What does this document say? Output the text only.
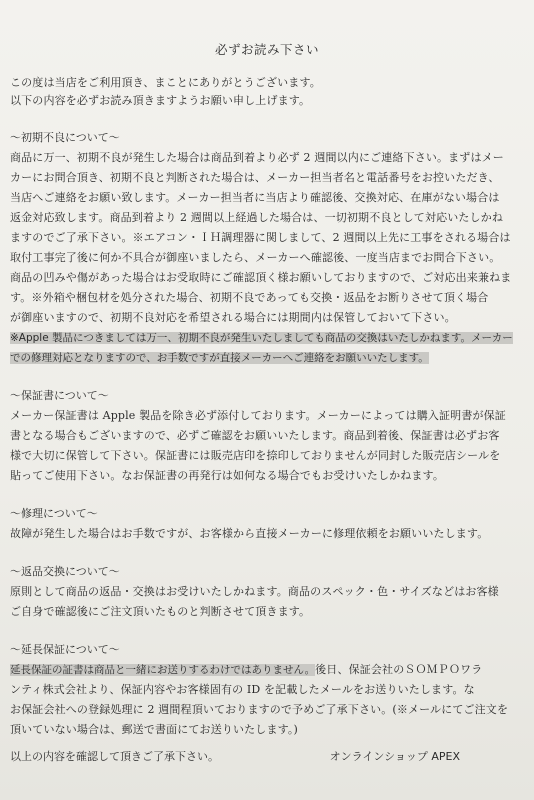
必ずお読み下さい
この度は当店をご利用頂き、まことにありがとうございます。
以下の内容を必ずお読み頂きますようお願い申し上げます。
～初期不良について～
商品に万一、初期不良が発生した場合は商品到着より必ず 2 週間以内にご連絡下さい。まずはメー
カーにお問合頂き、初期不良と判断された場合は、メーカー担当者名と電話番号をお控いただき、
当店へご連絡をお願い致します。メーカー担当者に当店より確認後、交換対応、在庫がない場合は
返金対応致します。商品到着より 2 週間以上経過した場合は、一切初期不良として対応いたしかね
ますのでご了承下さい。※エアコン・ＩＨ調理器に関しまして、2 週間以上先に工事をされる場合は
取付工事完了後に何か不具合が御座いましたら、メーカーへ確認後、一度当店までお問合下さい。
商品の凹みや傷があった場合はお受取時にご確認頂く様お願いしておりますので、ご対応出来兼ねま
す。※外箱や梱包材を処分された場合、初期不良であっても交換・返品をお断りさせて頂く場合
が御座いますので、初期不良対応を希望される場合には期間内は保管しておいて下さい。
※Apple 製品につきましては万一、初期不良が発生いたしましても商品の交換はいたしかねます。メーカー
での修理対応となりますので、お手数ですが直接メーカーへご連絡をお願いいたします。
～保証書について～
メーカー保証書は Apple 製品を除き必ず添付しております。メーカーによっては購入証明書が保証
書となる場合もございますので、必ずご確認をお願いいたします。商品到着後、保証書は必ずお客
様で大切に保管して下さい。保証書には販売店印を捺印しておりませんが同封した販売店シールを
貼ってご使用下さい。なお保証書の再発行は如何なる場合でもお受けいたしかねます。
～修理について～
故障が発生した場合はお手数ですが、お客様から直接メーカーに修理依頼をお願いいたします。
～返品交換について～
原則として商品の返品・交換はお受けいたしかねます。商品のスペック・色・サイズなどはお客様
ご自身で確認後にご注文頂いたものと判断させて頂きます。
～延長保証について～
延長保証の証書は商品と一緒にお送りするわけではありません。後日、保証会社のＳＯＭＰＯワラ
ンティ株式会社より、保証内容やお客様固有の ID を記載したメールをお送りいたします。な
お保証会社への登録処理に 2 週間程頂いておりますので予めご了承下さい。(※メールにてご注文を
頂いていない場合は、郵送で書面にてお送りいたします。)
以上の内容を確認して頂きご了承下さい。	オンラインショップ APEX
